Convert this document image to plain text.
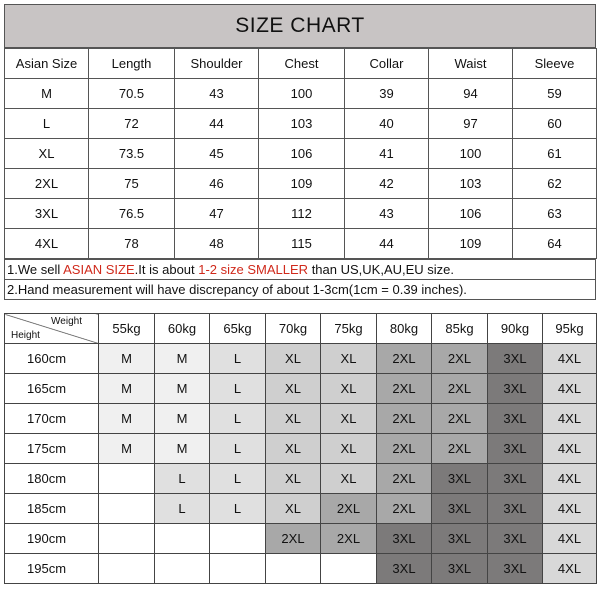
SIZE CHART
Asian Size	Length	Shoulder	Chest	Collar	Waist	Sleeve
M	70.5	43	100	39	94	59
L	72	44	103	40	97	60
XL	73.5	45	106	41	100	61
2XL	75	46	109	42	103	62
3XL	76.5	47	112	43	106	63
4XL	78	48	115	44	109	64
1.We sell ASIAN SIZE.It is about 1-2 size SMALLER than US,UK,AU,EU size.
2.Hand measurement will have discrepancy of about 1-3cm(1cm = 0.39 inches).
Weight
Height	55kg	60kg	65kg	70kg	75kg	80kg	85kg	90kg	95kg
160cm	M	M	L	XL	XL	2XL	2XL	3XL	4XL
165cm	M	M	L	XL	XL	2XL	2XL	3XL	4XL
170cm	M	M	L	XL	XL	2XL	2XL	3XL	4XL
175cm	M	M	L	XL	XL	2XL	2XL	3XL	4XL
180cm		L	L	XL	XL	2XL	3XL	3XL	4XL
185cm		L	L	XL	2XL	2XL	3XL	3XL	4XL
190cm				2XL	2XL	3XL	3XL	3XL	4XL
195cm						3XL	3XL	3XL	4XL
